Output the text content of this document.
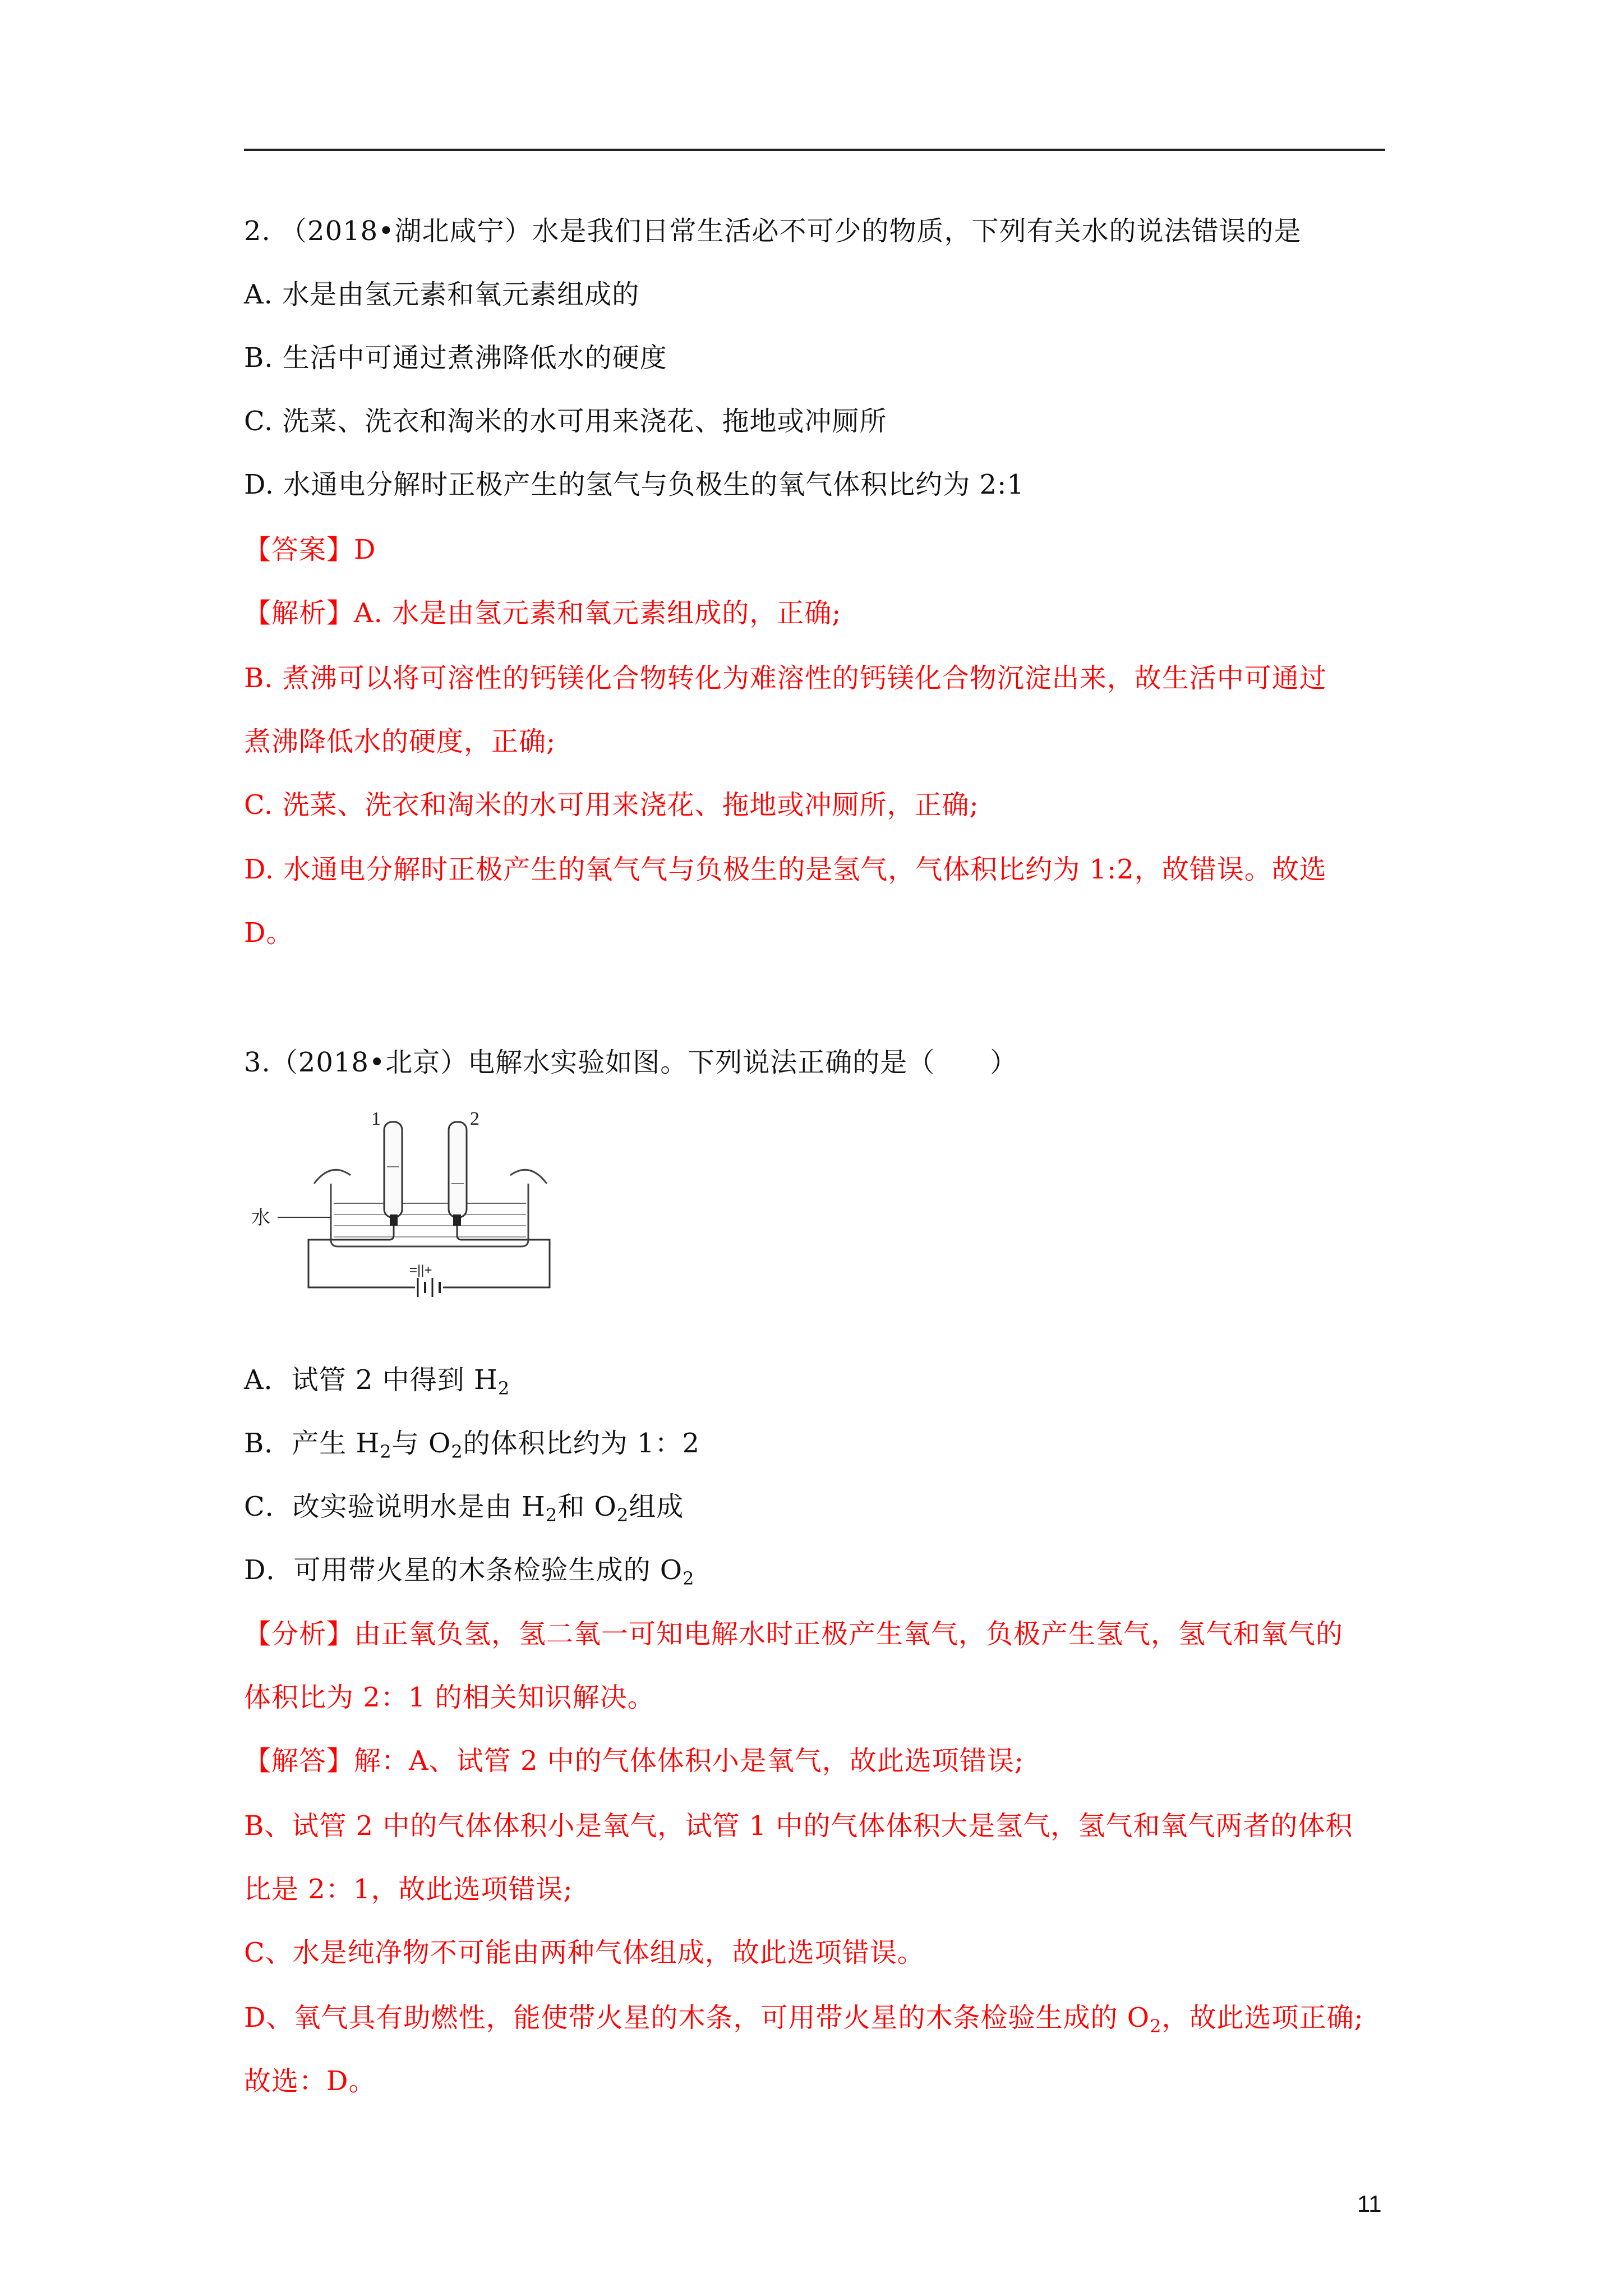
2. （2018•湖北咸宁）水是我们日常生活必不可少的物质，下列有关水的说法错误的是
A. 水是由氢元素和氧元素组成的
B. 生活中可通过煮沸降低水的硬度
C. 洗菜、洗衣和淘米的水可用来浇花、拖地或冲厕所
D. 水通电分解时正极产生的氢气与负极生的氧气体积比约为 2:1
【答案】D
【解析】A. 水是由氢元素和氧元素组成的，正确;
B. 煮沸可以将可溶性的钙镁化合物转化为难溶性的钙镁化合物沉淀出来，故生活中可通过
煮沸降低水的硬度，正确;
C. 洗菜、洗衣和淘米的水可用来浇花、拖地或冲厕所，正确;
D. 水通电分解时正极产生的氧气气与负极生的是氢气，气体积比约为 1:2，故错误。故选
D。
3.（2018•北京）电解水实验如图。下列说法正确的是（　　）
1	2
水
=||+
A．试管 2 中得到 $H_2$
B．产生 $H_2$与 $O_2$的体积比约为 1：2
C．改实验说明水是由 $H_2$和 $O_2$组成
D．可用带火星的木条检验生成的 $O_2$
【分析】由正氧负氢，氢二氧一可知电解水时正极产生氧气，负极产生氢气，氢气和氧气的
体积比为 2：1 的相关知识解决。
【解答】解：A、试管 2 中的气体体积小是氧气，故此选项错误;
B、试管 2 中的气体体积小是氧气，试管 1 中的气体体积大是氢气，氢气和氧气两者的体积
比是 2：1，故此选项错误;
C、水是纯净物不可能由两种气体组成，故此选项错误。
D、氧气具有助燃性，能使带火星的木条，可用带火星的木条检验生成的 $O_2$，故此选项正确;
故选：D。
11
